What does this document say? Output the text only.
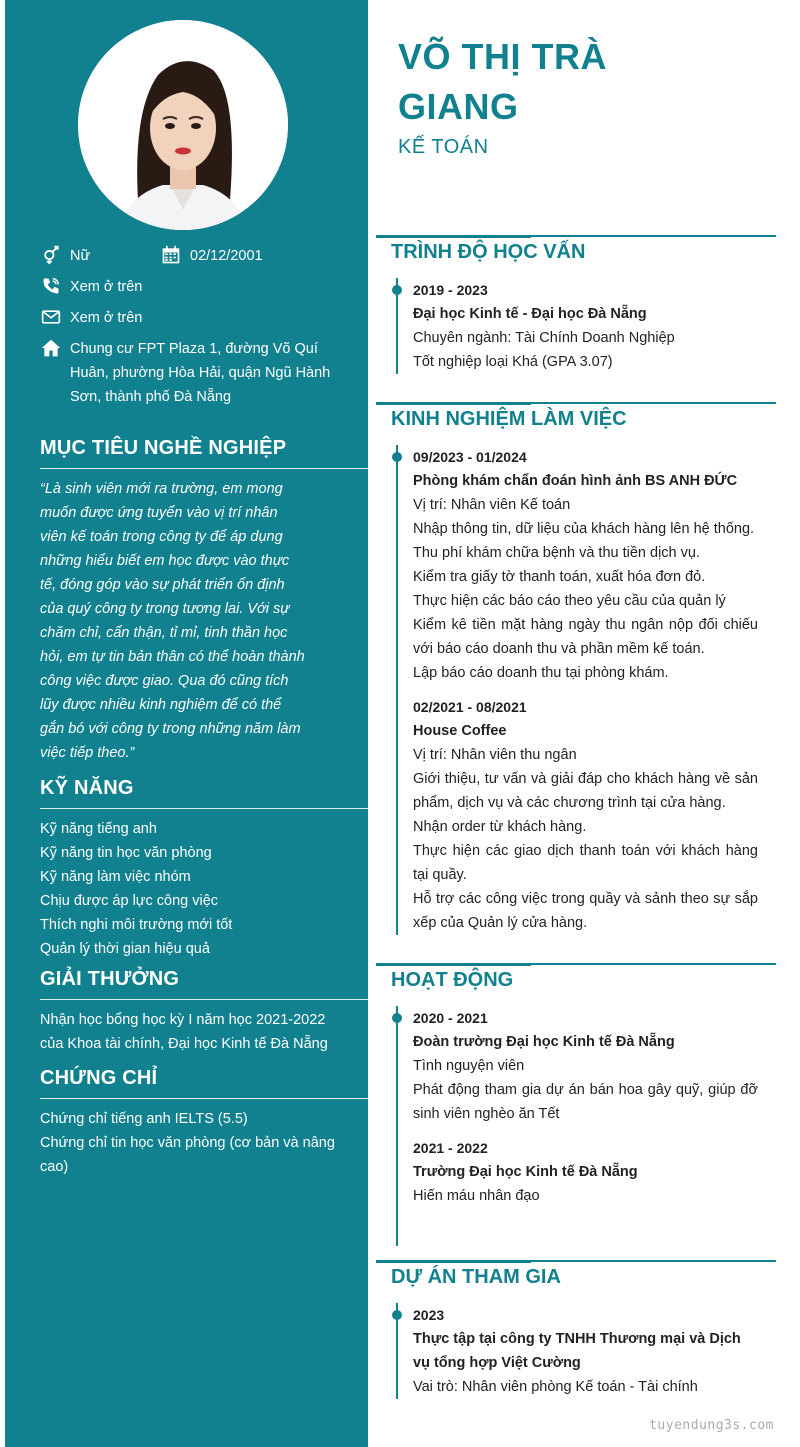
Nữ	02/12/2001
Xem ở trên
Xem ở trên
Chung cư FPT Plaza 1, đường Võ Quí Huân, phường Hòa Hải, quận Ngũ Hành Sơn, thành phố Đà Nẵng
MỤC TIÊU NGHỀ NGHIỆP
“Là sinh viên mới ra trường, em mong muốn được ứng tuyển vào vị trí nhân viên kế toán trong công ty để áp dụng những hiểu biết em học được vào thực tế, đóng góp vào sự phát triển ổn định của quý công ty trong tương lai. Với sự chăm chỉ, cẩn thận, tỉ mỉ, tinh thần học hỏi, em tự tin bản thân có thể hoàn thành công việc được giao. Qua đó cũng tích lũy được nhiều kinh nghiệm để có thể gắn bó với công ty trong những năm làm việc tiếp theo.”
KỸ NĂNG
Kỹ năng tiếng anh
Kỹ năng tin học văn phòng
Kỹ năng làm việc nhóm
Chịu được áp lực công việc
Thích nghi môi trường mới tốt
Quản lý thời gian hiệu quả
GIẢI THƯỞNG
Nhận học bổng học kỳ I năm học 2021-2022 của Khoa tài chính, Đại học Kinh tế Đà Nẵng
CHỨNG CHỈ
Chứng chỉ tiếng anh IELTS (5.5)
Chứng chỉ tin học văn phòng (cơ bản và nâng cao)
VÕ THỊ TRÀ GIANG
KẾ TOÁN
TRÌNH ĐỘ HỌC VẤN
2019 - 2023
Đại học Kinh tế - Đại học Đà Nẵng
Chuyên ngành: Tài Chính Doanh Nghiệp
Tốt nghiệp loại Khá (GPA 3.07)
KINH NGHIỆM LÀM VIỆC
09/2023 - 01/2024
Phòng khám chẩn đoán hình ảnh BS ANH ĐỨC
Vị trí: Nhân viên Kế toán
Nhập thông tin, dữ liệu của khách hàng lên hệ thống.
Thu phí khám chữa bệnh và thu tiền dịch vụ.
Kiểm tra giấy tờ thanh toán, xuất hóa đơn đỏ.
Thực hiện các báo cáo theo yêu cầu của quản lý
Kiểm kê tiền mặt hàng ngày thu ngân nộp đối chiếu với báo cáo doanh thu và phần mềm kế toán.
Lập báo cáo doanh thu tại phòng khám.
02/2021 - 08/2021
House Coffee
Vị trí: Nhân viên thu ngân
Giới thiệu, tư vấn và giải đáp cho khách hàng về sản phẩm, dịch vụ và các chương trình tại cửa hàng.
Nhận order từ khách hàng.
Thực hiện các giao dịch thanh toán với khách hàng tại quầy.
Hỗ trợ các công việc trong quầy và sảnh theo sự sắp xếp của Quản lý cửa hàng.
HOẠT ĐỘNG
2020 - 2021
Đoàn trường Đại học Kinh tế Đà Nẵng
Tình nguyện viên
Phát động tham gia dự án bán hoa gây quỹ, giúp đỡ sinh viên nghèo ăn Tết
2021 - 2022
Trường Đại học Kinh tế Đà Nẵng
Hiến máu nhân đạo
DỰ ÁN THAM GIA
2023
Thực tập tại công ty TNHH Thương mại và Dịch vụ tổng hợp Việt Cường
Vai trò: Nhân viên phòng Kế toán - Tài chính
tuyendung3s.com
